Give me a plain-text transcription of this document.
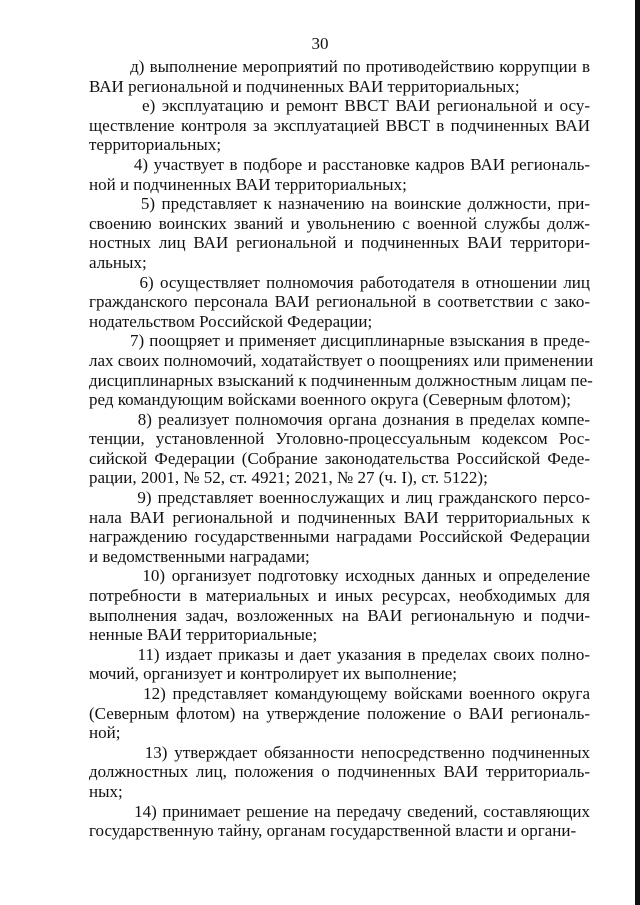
30
д) выполнение мероприятий по противодействию коррупции в
ВАИ региональной и подчиненных ВАИ территориальных;
е) эксплуатацию и ремонт ВВСТ ВАИ региональной и осу-
ществление контроля за эксплуатацией ВВСТ в подчиненных ВАИ
территориальных;
4) участвует в подборе и расстановке кадров ВАИ региональ-
ной и подчиненных ВАИ территориальных;
5) представляет к назначению на воинские должности, при-
своению воинских званий и увольнению с военной службы долж-
ностных лиц ВАИ региональной и подчиненных ВАИ территори-
альных;
6) осуществляет полномочия работодателя в отношении лиц
гражданского персонала ВАИ региональной в соответствии с зако-
нодательством Российской Федерации;
7) поощряет и применяет дисциплинарные взыскания в преде-
лах своих полномочий, ходатайствует о поощрениях или применении
дисциплинарных взысканий к подчиненным должностным лицам пе-
ред командующим войсками военного округа (Северным флотом);
8) реализует полномочия органа дознания в пределах компе-
тенции, установленной Уголовно-процессуальным кодексом Рос-
сийской Федерации (Собрание законодательства Российской Феде-
рации, 2001, № 52, ст. 4921; 2021, № 27 (ч. I), ст. 5122);
9) представляет военнослужащих и лиц гражданского персо-
нала ВАИ региональной и подчиненных ВАИ территориальных к
награждению государственными наградами Российской Федерации
и ведомственными наградами;
10) организует подготовку исходных данных и определение
потребности в материальных и иных ресурсах, необходимых для
выполнения задач, возложенных на ВАИ региональную и подчи-
ненные ВАИ территориальные;
11) издает приказы и дает указания в пределах своих полно-
мочий, организует и контролирует их выполнение;
12) представляет командующему войсками военного округа
(Северным флотом) на утверждение положение о ВАИ региональ-
ной;
13) утверждает обязанности непосредственно подчиненных
должностных лиц, положения о подчиненных ВАИ территориаль-
ных;
14) принимает решение на передачу сведений, составляющих
государственную тайну, органам государственной власти и органи-
